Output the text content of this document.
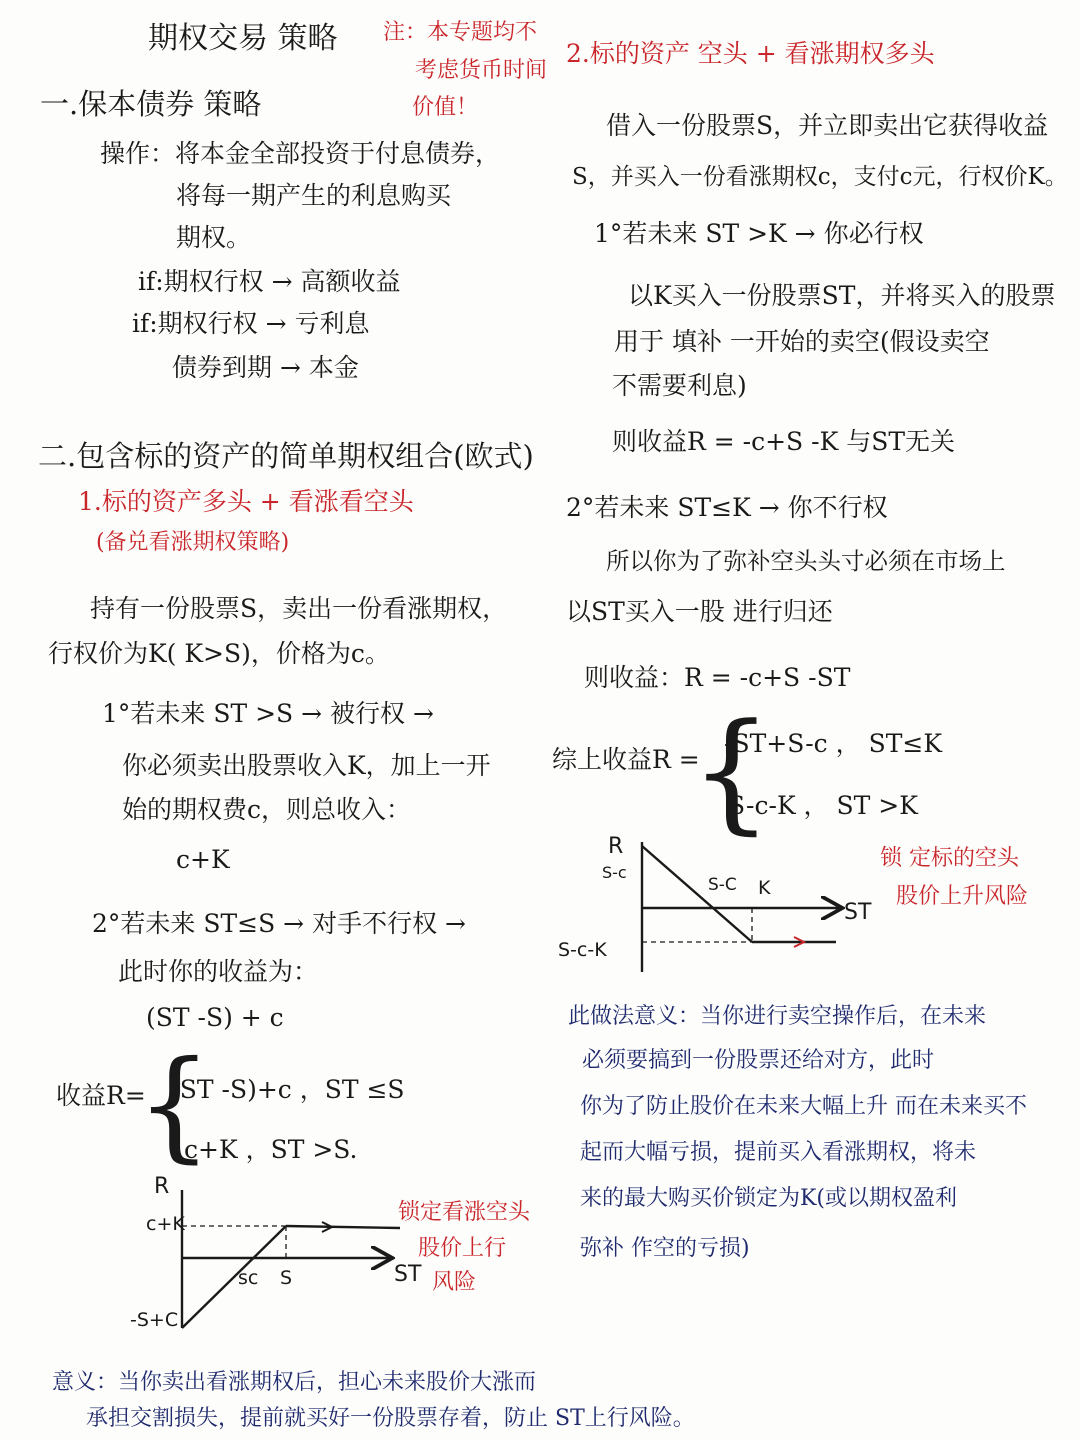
期权交易 策略 注：本专题均不
考虑货币时间
价值！
一.保本债券 策略
操作：将本金全部投资于付息债券，
将每一期产生的利息购买
期权。
if:期权行权 → 高额收益
if:期权行权 → 亏利息
债券到期 → 本金
二.包含标的资产的简单期权组合(欧式)
1.标的资产多头 + 看涨看空头
(备兑看涨期权策略)
持有一份股票S，卖出一份看涨期权，
行权价为K( K>S)，价格为c。
1°若未来 ST >S → 被行权 →
你必须卖出股票收入K，加上一开
始的期权费c，则总收入：
c+K
2°若未来 ST≤S → 对手不行权 →
此时你的收益为：
(ST -S) + c
收益R=
{
(ST -S)+c ，ST ≤S
c+K ，ST >S.
R
c+K
-S+C
sc S	ST
锁定看涨空头
股价上行
风险
意义：当你卖出看涨期权后，担心未来股价大涨而
承担交割损失，提前就买好一份股票存着，防止 ST上行风险。
2.标的资产 空头 + 看涨期权多头
借入一份股票S，并立即卖出它获得收益
S，并买入一份看涨期权c，支付c元，行权价K。
1°若未来 ST >K → 你必行权
以K买入一份股票ST，并将买入的股票
用于 填补 一开始的卖空(假设卖空
不需要利息)
则收益R = -c+S -K 与ST无关
2°若未来 ST≤K → 你不行权
所以你为了弥补空头头寸必须在市场上
以ST买入一股 进行归还
则收益：R = -c+S -ST
综上收益R =
{
-ST+S-c ， ST≤K
S-c-K ， ST >K
R
S-c
S-c-K
S-C K
ST
锁 定标的空头
股价上升风险
此做法意义：当你进行卖空操作后，在未来
必须要搞到一份股票还给对方，此时
你为了防止股价在未来大幅上升 而在未来买不
起而大幅亏损，提前买入看涨期权，将未
来的最大购买价锁定为K(或以期权盈利
弥补 作空的亏损)
